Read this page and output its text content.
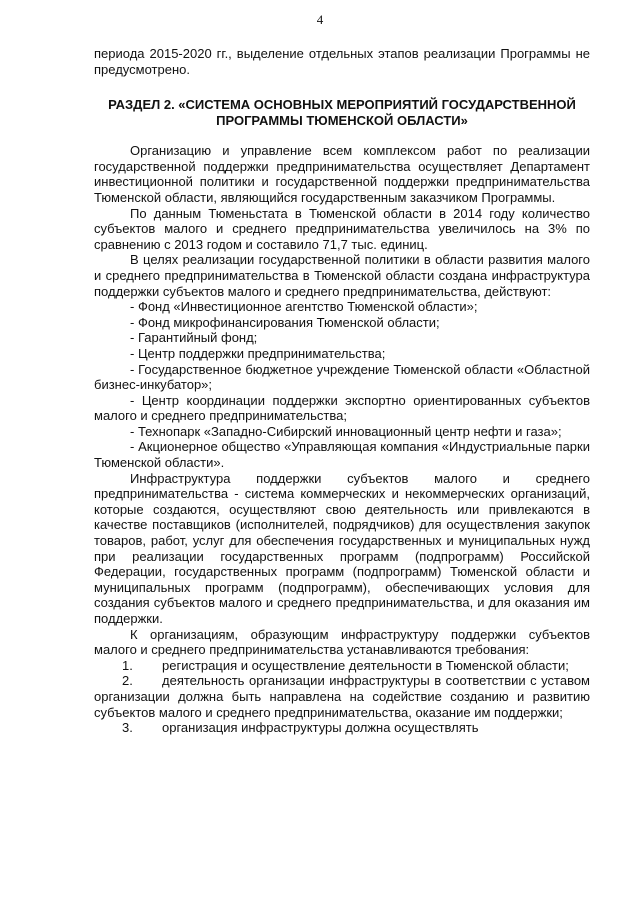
4

периода 2015-2020 гг., выделение отдельных этапов реализации Программы не предусмотрено.

РАЗДЕЛ 2. «СИСТЕМА ОСНОВНЫХ МЕРОПРИЯТИЙ ГОСУДАРСТВЕННОЙ ПРОГРАММЫ ТЮМЕНСКОЙ ОБЛАСТИ»

Организацию и управление всем комплексом работ по реализации государственной поддержки предпринимательства осуществляет Департамент инвестиционной политики и государственной поддержки предпринимательства Тюменской области, являющийся государственным заказчиком Программы.

По данным Тюменьстата в Тюменской области в 2014 году количество субъектов малого и среднего предпринимательства увеличилось на 3% по сравнению с 2013 годом и составило 71,7 тыс. единиц.

В целях реализации государственной политики в области развития малого и среднего предпринимательства в Тюменской области создана инфраструктура поддержки субъектов малого и среднего предпринимательства, действуют:

- Фонд «Инвестиционное агентство Тюменской области»;

- Фонд микрофинансирования Тюменской области;

- Гарантийный фонд;

- Центр поддержки предпринимательства;

- Государственное бюджетное учреждение Тюменской области «Областной бизнес-инкубатор»;

- Центр координации поддержки экспортно ориентированных субъектов малого и среднего предпринимательства;

- Технопарк «Западно-Сибирский инновационный центр нефти и газа»;

- Акционерное общество «Управляющая компания «Индустриальные парки Тюменской области».

Инфраструктура поддержки субъектов малого и среднего предпринимательства - система коммерческих и некоммерческих организаций, которые создаются, осуществляют свою деятельность или привлекаются в качестве поставщиков (исполнителей, подрядчиков) для осуществления закупок товаров, работ, услуг для обеспечения государственных и муниципальных нужд при реализации государственных программ (подпрограмм) Российской Федерации, государственных программ (подпрограмм) Тюменской области и муниципальных программ (подпрограмм), обеспечивающих условия для создания субъектов малого и среднего предпринимательства, и для оказания им поддержки.

К организациям, образующим инфраструктуру поддержки субъектов малого и среднего предпринимательства устанавливаются требования:

1. регистрация и осуществление деятельности в Тюменской области;

2. деятельность организации инфраструктуры в соответствии с уставом организации должна быть направлена на содействие созданию и развитию субъектов малого и среднего предпринимательства, оказание им поддержки;

3. организация инфраструктуры должна осуществлять
